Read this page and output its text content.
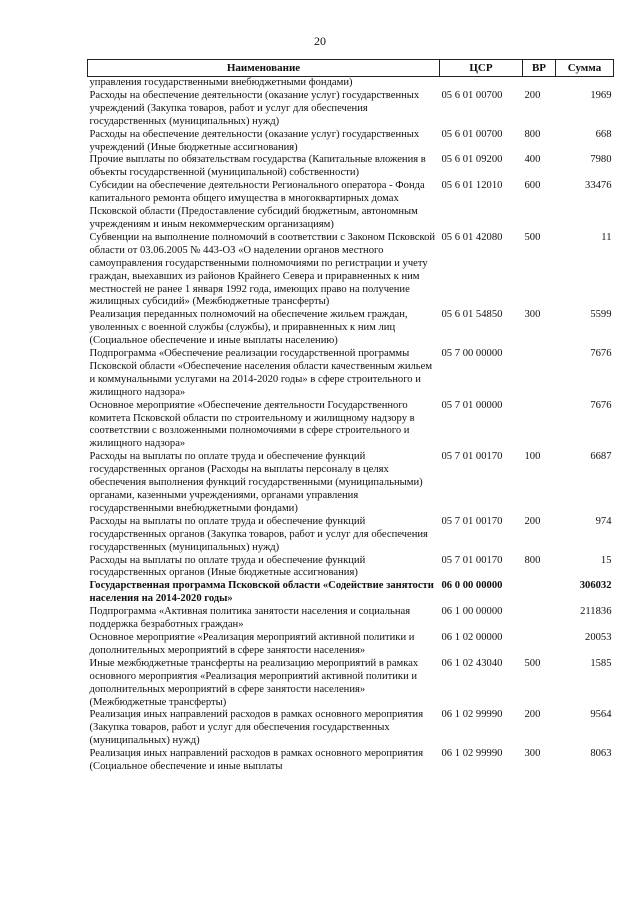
20
Наименование	ЦСР	ВР	Сумма
управления государственными внебюджетными фондами)			
Расходы на обеспечение деятельности (оказание услуг) государственных учреждений (Закупка товаров, работ и услуг для обеспечения государственных (муниципальных) нужд)	05 6 01 00700	200	1969
Расходы на обеспечение деятельности (оказание услуг) государственных учреждений (Иные бюджетные ассигнования)	05 6 01 00700	800	668
Прочие выплаты по обязательствам государства (Капитальные вложения в объекты государственной (муниципальной) собственности)	05 6 01 09200	400	7980
Субсидии на обеспечение деятельности Регионального оператора - Фонда капитального ремонта общего имущества в многоквартирных домах Псковской области (Предоставление субсидий бюджетным, автономным учреждениям и иным некоммерческим организациям)	05 6 01 12010	600	33476
Субвенции на выполнение полномочий в соответствии с Законом Псковской области от 03.06.2005 № 443-ОЗ «О наделении органов местного самоуправления государственными полномочиями по регистрации и учету граждан, выехавших из районов Крайнего Севера и приравненных к ним местностей не ранее 1 января 1992 года, имеющих право на получение жилищных субсидий» (Межбюджетные трансферты)	05 6 01 42080	500	11
Реализация переданных полномочий на обеспечение жильем граждан, уволенных с военной службы (службы), и приравненных к ним лиц (Социальное обеспечение и иные выплаты населению)	05 6 01 54850	300	5599
Подпрограмма «Обеспечение реализации государственной программы Псковской области «Обеспечение населения области качественным жильем и коммунальными услугами на 2014-2020 годы» в сфере строительного и жилищного надзора»	05 7 00 00000		7676
Основное мероприятие «Обеспечение деятельности Государственного комитета Псковской области по строительному и жилищному надзору в соответствии с возложенными полномочиями в сфере строительного и жилищного надзора»	05 7 01 00000		7676
Расходы на выплаты по оплате труда и обеспечение функций государственных органов (Расходы на выплаты персоналу в целях обеспечения выполнения функций государственными (муниципальными) органами, казенными учреждениями, органами управления государственными внебюджетными фондами)	05 7 01 00170	100	6687
Расходы на выплаты по оплате труда и обеспечение функций государственных органов (Закупка товаров, работ и услуг для обеспечения государственных (муниципальных) нужд)	05 7 01 00170	200	974
Расходы на выплаты по оплате труда и обеспечение функций государственных органов (Иные бюджетные ассигнования)	05 7 01 00170	800	15
Государственная программа Псковской области «Содействие занятости населения на 2014-2020 годы»	06 0 00 00000		306032
Подпрограмма «Активная политика занятости населения и социальная поддержка безработных граждан»	06 1 00 00000		211836
Основное мероприятие «Реализация мероприятий активной политики и дополнительных мероприятий в сфере занятости населения»	06 1 02 00000		20053
Иные межбюджетные трансферты на реализацию мероприятий в рамках основного мероприятия «Реализация мероприятий активной политики и дополнительных мероприятий в сфере занятости населения» (Межбюджетные трансферты)	06 1 02 43040	500	1585
Реализация иных направлений расходов в рамках основного мероприятия (Закупка товаров, работ и услуг для обеспечения государственных (муниципальных) нужд)	06 1 02 99990	200	9564
Реализация иных направлений расходов в рамках основного мероприятия (Социальное обеспечение и иные выплаты	06 1 02 99990	300	8063
